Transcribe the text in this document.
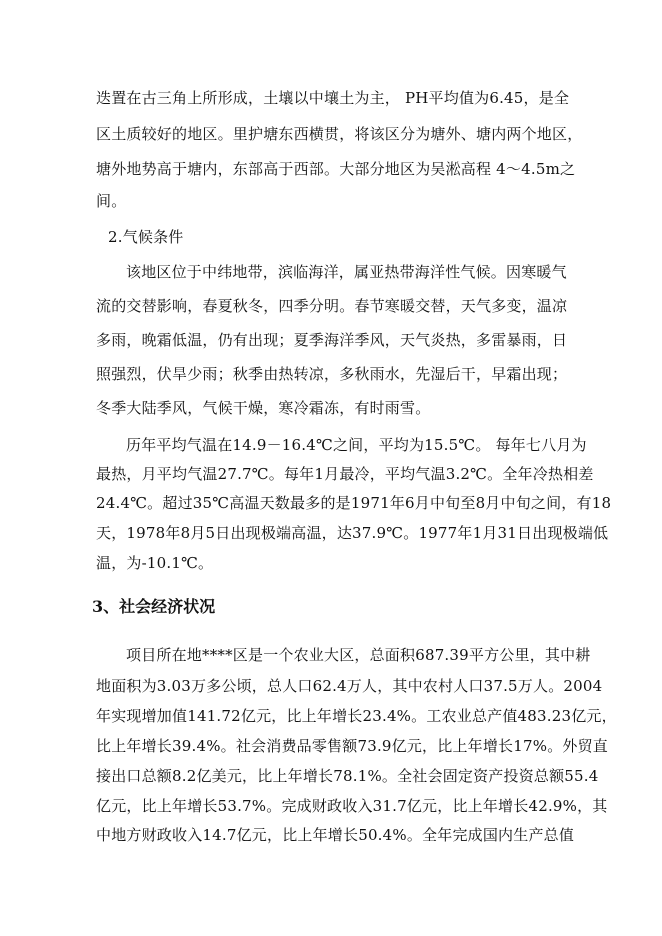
迭置在古三角上所形成，土壤以中壤土为主， PH平均值为6.45，是全
区土质较好的地区。里护塘东西横贯，将该区分为塘外、塘内两个地区，
塘外地势高于塘内，东部高于西部。大部分地区为吴淞高程 4～4.5m之
间。
2.气候条件
该地区位于中纬地带，滨临海洋，属亚热带海洋性气候。因寒暖气
流的交替影响，春夏秋冬，四季分明。春节寒暖交替，天气多变，温凉
多雨，晚霜低温，仍有出现；夏季海洋季风，天气炎热，多雷暴雨，日
照强烈，伏旱少雨；秋季由热转凉，多秋雨水，先湿后干，早霜出现；
冬季大陆季风，气候干燥，寒冷霜冻，有时雨雪。
历年平均气温在14.9－16.4℃之间，平均为15.5℃。 每年七八月为
最热，月平均气温27.7℃。每年1月最冷，平均气温3.2℃。全年冷热相差
24.4℃。超过35℃高温天数最多的是1971年6月中旬至8月中旬之间，有18
天，1978年8月5日出现极端高温，达37.9℃。1977年1月31日出现极端低
温，为-10.1℃。
3、社会经济状况
项目所在地****区是一个农业大区，总面积687.39平方公里，其中耕
地面积为3.03万多公顷，总人口62.4万人，其中农村人口37.5万人。2004
年实现增加值141.72亿元，比上年增长23.4%。工农业总产值483.23亿元，
比上年增长39.4%。社会消费品零售额73.9亿元，比上年增长17%。外贸直
接出口总额8.2亿美元，比上年增长78.1%。全社会固定资产投资总额55.4
亿元，比上年增长53.7%。完成财政收入31.7亿元，比上年增长42.9%，其
中地方财政收入14.7亿元，比上年增长50.4%。全年完成国内生产总值
